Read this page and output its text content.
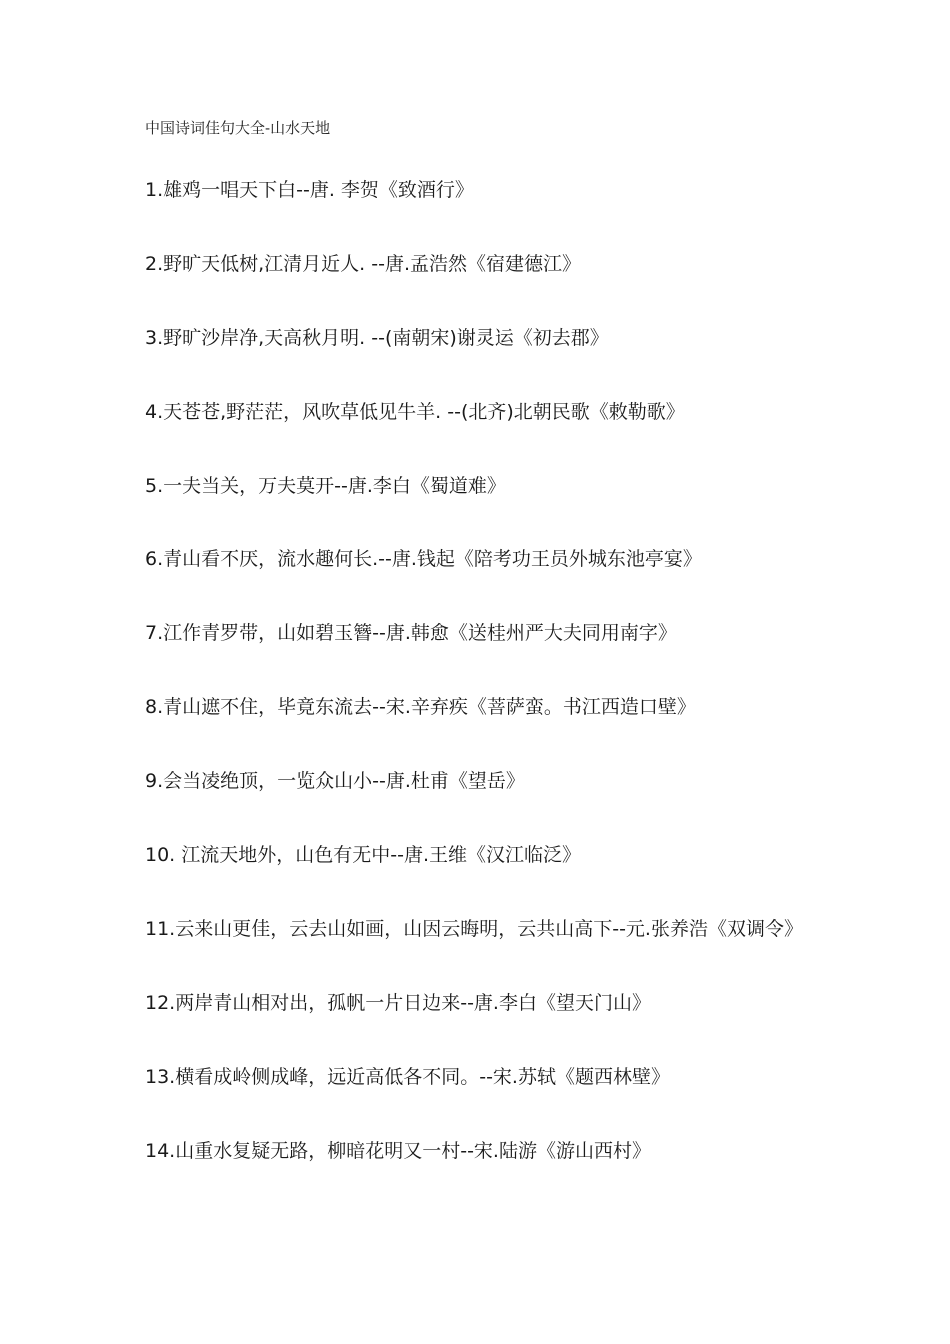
中国诗词佳句大全-山水天地
1.雄鸡一唱天下白--唐. 李贺《致酒行》
2.野旷天低树,江清月近人. --唐.孟浩然《宿建德江》
3.野旷沙岸净,天高秋月明. --(南朝宋)谢灵运《初去郡》
4.天苍苍,野茫茫，风吹草低见牛羊. --(北齐)北朝民歌《敕勒歌》
5.一夫当关，万夫莫开--唐.李白《蜀道难》
6.青山看不厌，流水趣何长.--唐.钱起《陪考功王员外城东池亭宴》
7.江作青罗带，山如碧玉簪--唐.韩愈《送桂州严大夫同用南字》
8.青山遮不住，毕竟东流去--宋.辛弃疾《菩萨蛮。书江西造口壁》
9.会当凌绝顶，一览众山小--唐.杜甫《望岳》
10. 江流天地外，山色有无中--唐.王维《汉江临泛》
11.云来山更佳，云去山如画，山因云晦明，云共山高下--元.张养浩《双调令》
12.两岸青山相对出，孤帆一片日边来--唐.李白《望天门山》
13.横看成岭侧成峰，远近高低各不同。--宋.苏轼《题西林壁》
14.山重水复疑无路，柳暗花明又一村--宋.陆游《游山西村》
